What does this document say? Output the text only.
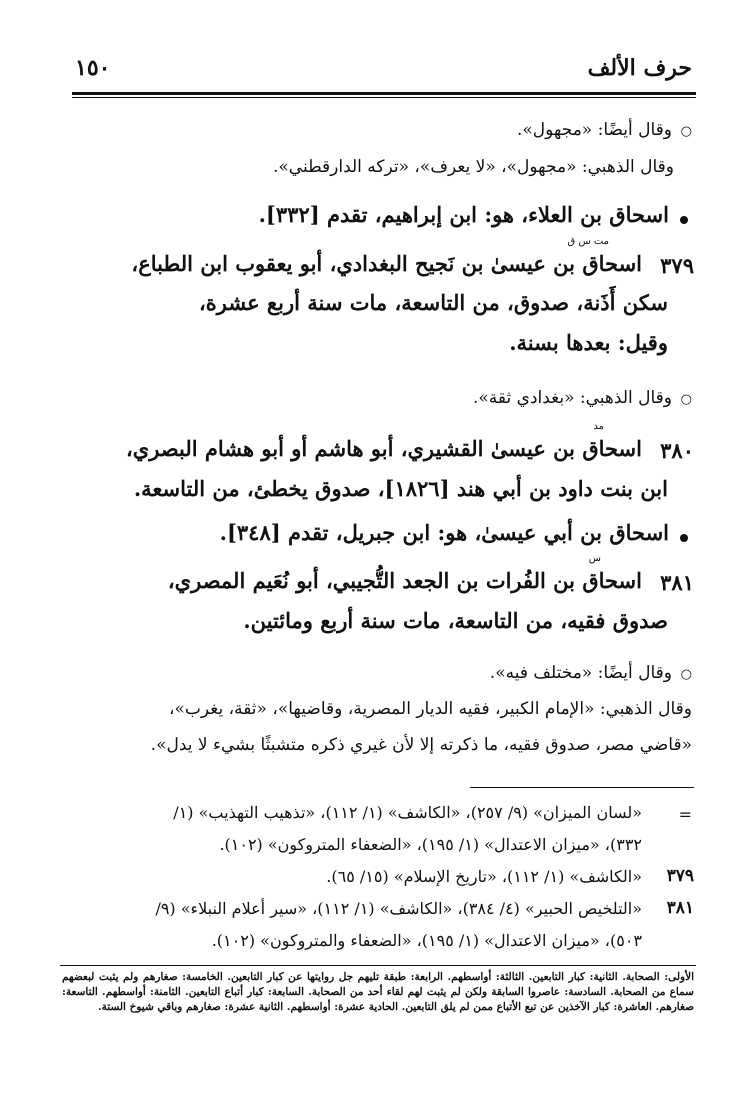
حرف الألف
١٥٠
○
وقال أيضًا: «مجهول».
وقال الذهبي: «مجهول»، «لا يعرف»، «تركه الدارقطني».
اسحاق بن العلاء، هو: ابن إبراهيم، تقدم [٣٣٢].
٣٧٩
مت س ق
اسحاق بن عيسىٰ بن نَجيح البغدادي، أبو يعقوب ابن الطباع،
سكن أَذَنة، صدوق، من التاسعة، مات سنة أربع عشرة،
وقيل: بعدها بسنة.
○
وقال الذهبي: «بغدادي ثقة».
٣٨٠
مد
اسحاق بن عيسىٰ القشيري، أبو هاشم أو أبو هشام البصري،
ابن بنت داود بن أبي هند [١٨٢٦]، صدوق يخطئ، من التاسعة.
اسحاق بن أبي عيسىٰ، هو: ابن جبريل، تقدم [٣٤٨].
٣٨١
س
اسحاق بن الفُرات بن الجعد التُّجيبي، أبو نُعَيم المصري،
صدوق فقيه، من التاسعة، مات سنة أربع ومائتين.
○
وقال أيضًا: «مختلف فيه».
وقال الذهبي: «الإمام الكبير، فقيه الديار المصرية، وقاضيها»، «ثقة، يغرب»،
«قاضي مصر، صدوق فقيه، ما ذكرته إلا لأن غيري ذكره متشبثًا بشيء لا يدل».
=
«لسان الميزان» (٩/ ٢٥٧)، «الكاشف» (١/ ١١٢)، «تذهيب التهذيب» (١/
٣٣٢)، «ميزان الاعتدال» (١/ ١٩٥)، «الضعفاء المتروكون» (١٠٢).
٣٧٩
«الكاشف» (١/ ١١٢)، «تاريخ الإسلام» (١٥/ ٦٥).
٣٨١
«التلخيص الحبير» (٤/ ٣٨٤)، «الكاشف» (١/ ١١٢)، «سير أعلام النبلاء» (٩/
٥٠٣)، «ميزان الاعتدال» (١/ ١٩٥)، «الضعفاء والمتروكون» (١٠٢).
الأولى: الصحابة. الثانية: كبار التابعين. الثالثة: أواسطهم. الرابعة: طبقة تليهم جل روايتها عن كبار التابعين. الخامسة: صغارهم ولم يثبت لبعضهم سماع من الصحابة. السادسة: عاصروا السابقة ولكن لم يثبت لهم لقاء أحد من الصحابة. السابعة: كبار أتباع التابعين. الثامنة: أواسطهم. التاسعة: صغارهم. العاشرة: كبار الآخذين عن تبع الأتباع ممن لم يلق التابعين. الحادية عشرة: أواسطهم. الثانية عشرة: صغارهم وباقي شيوخ الستة.
